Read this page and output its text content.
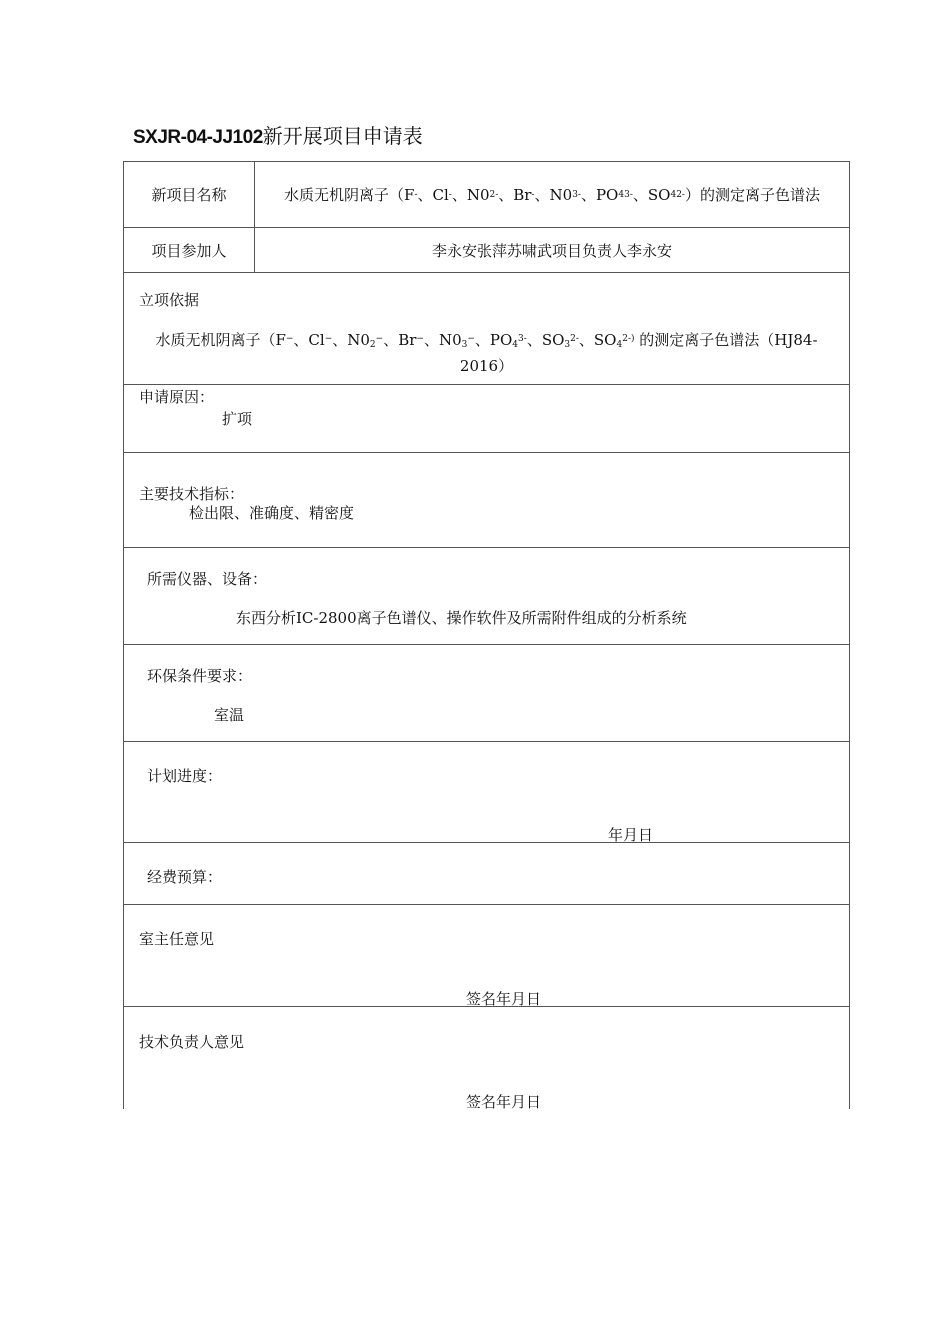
SXJR-04-JJ102新开展项目申请表
新项目名称	水质无机阴离子（F - 、Cl - 、N0 2 - 、Br - 、N0 3 - 、PO 4 3- 、SO 4 2- ）的测定离子色谱法
项目参加人	李永安张萍苏啸武项目负责人李永安
立项依据
水质无机阴离子（F−、Cl−、$N0_2^-$、Br−、$N0_3^-$、$PO_4^{3-}$、$SO_3^{2-}$、$SO_4^{2-)}$ 的测定离子色谱法（HJ84-
2016）
申请原因：
扩项
主要技术指标：
检出限、准确度、精密度
所需仪器、设备：
东西分析IC-2800离子色谱仪、操作软件及所需附件组成的分析系统
环保条件要求：
室温
计划进度：
年月日
经费预算：
室主任意见
签名年月日
技术负责人意见
签名年月日
